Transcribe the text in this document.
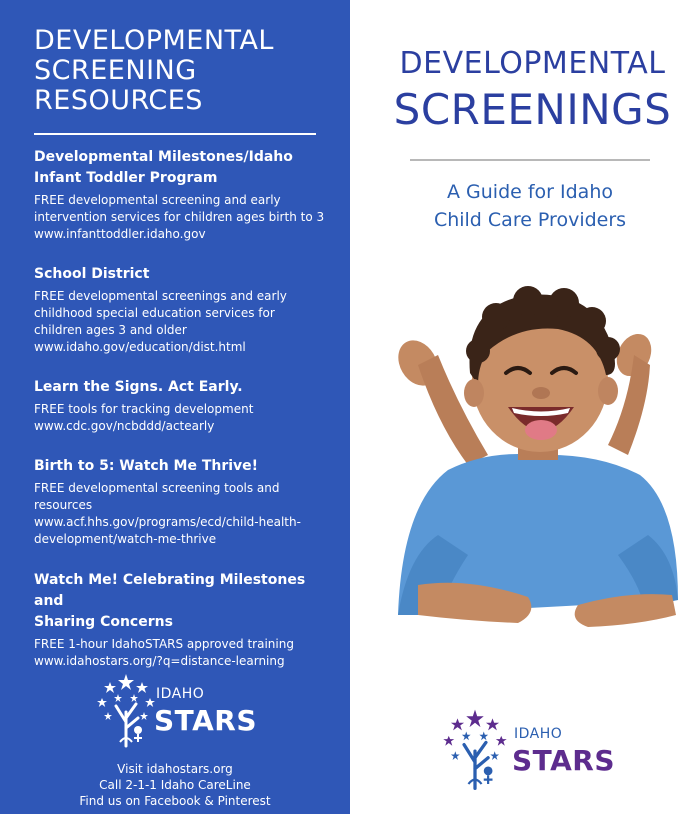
DEVELOPMENTAL
SCREENING
RESOURCES

Developmental Milestones/Idaho

Infant Toddler Program

FREE developmental screening and early

intervention services for children ages birth to 3

www.infanttoddler.idaho.gov

School District

FREE developmental screenings and early

childhood special education services for

children ages 3 and older

www.idaho.gov/education/dist.html

Learn the Signs. Act Early.

FREE tools for tracking development

www.cdc.gov/ncbddd/actearly

Birth to 5: Watch Me Thrive!

FREE developmental screening tools and

resources

www.acf.hhs.gov/programs/ecd/child-health-

development/watch-me-thrive

Watch Me! Celebrating Milestones and

Sharing Concerns

FREE 1-hour IdahoSTARS approved training

www.idahostars.org/?q=distance-learning

IDAHO
STARS
Visit idahostars.org
Call 2-1-1 Idaho CareLine
Find us on Facebook & Pinterest
DEVELOPMENTAL
SCREENINGS
A Guide for Idaho
Child Care Providers
IDAHO
STARS
